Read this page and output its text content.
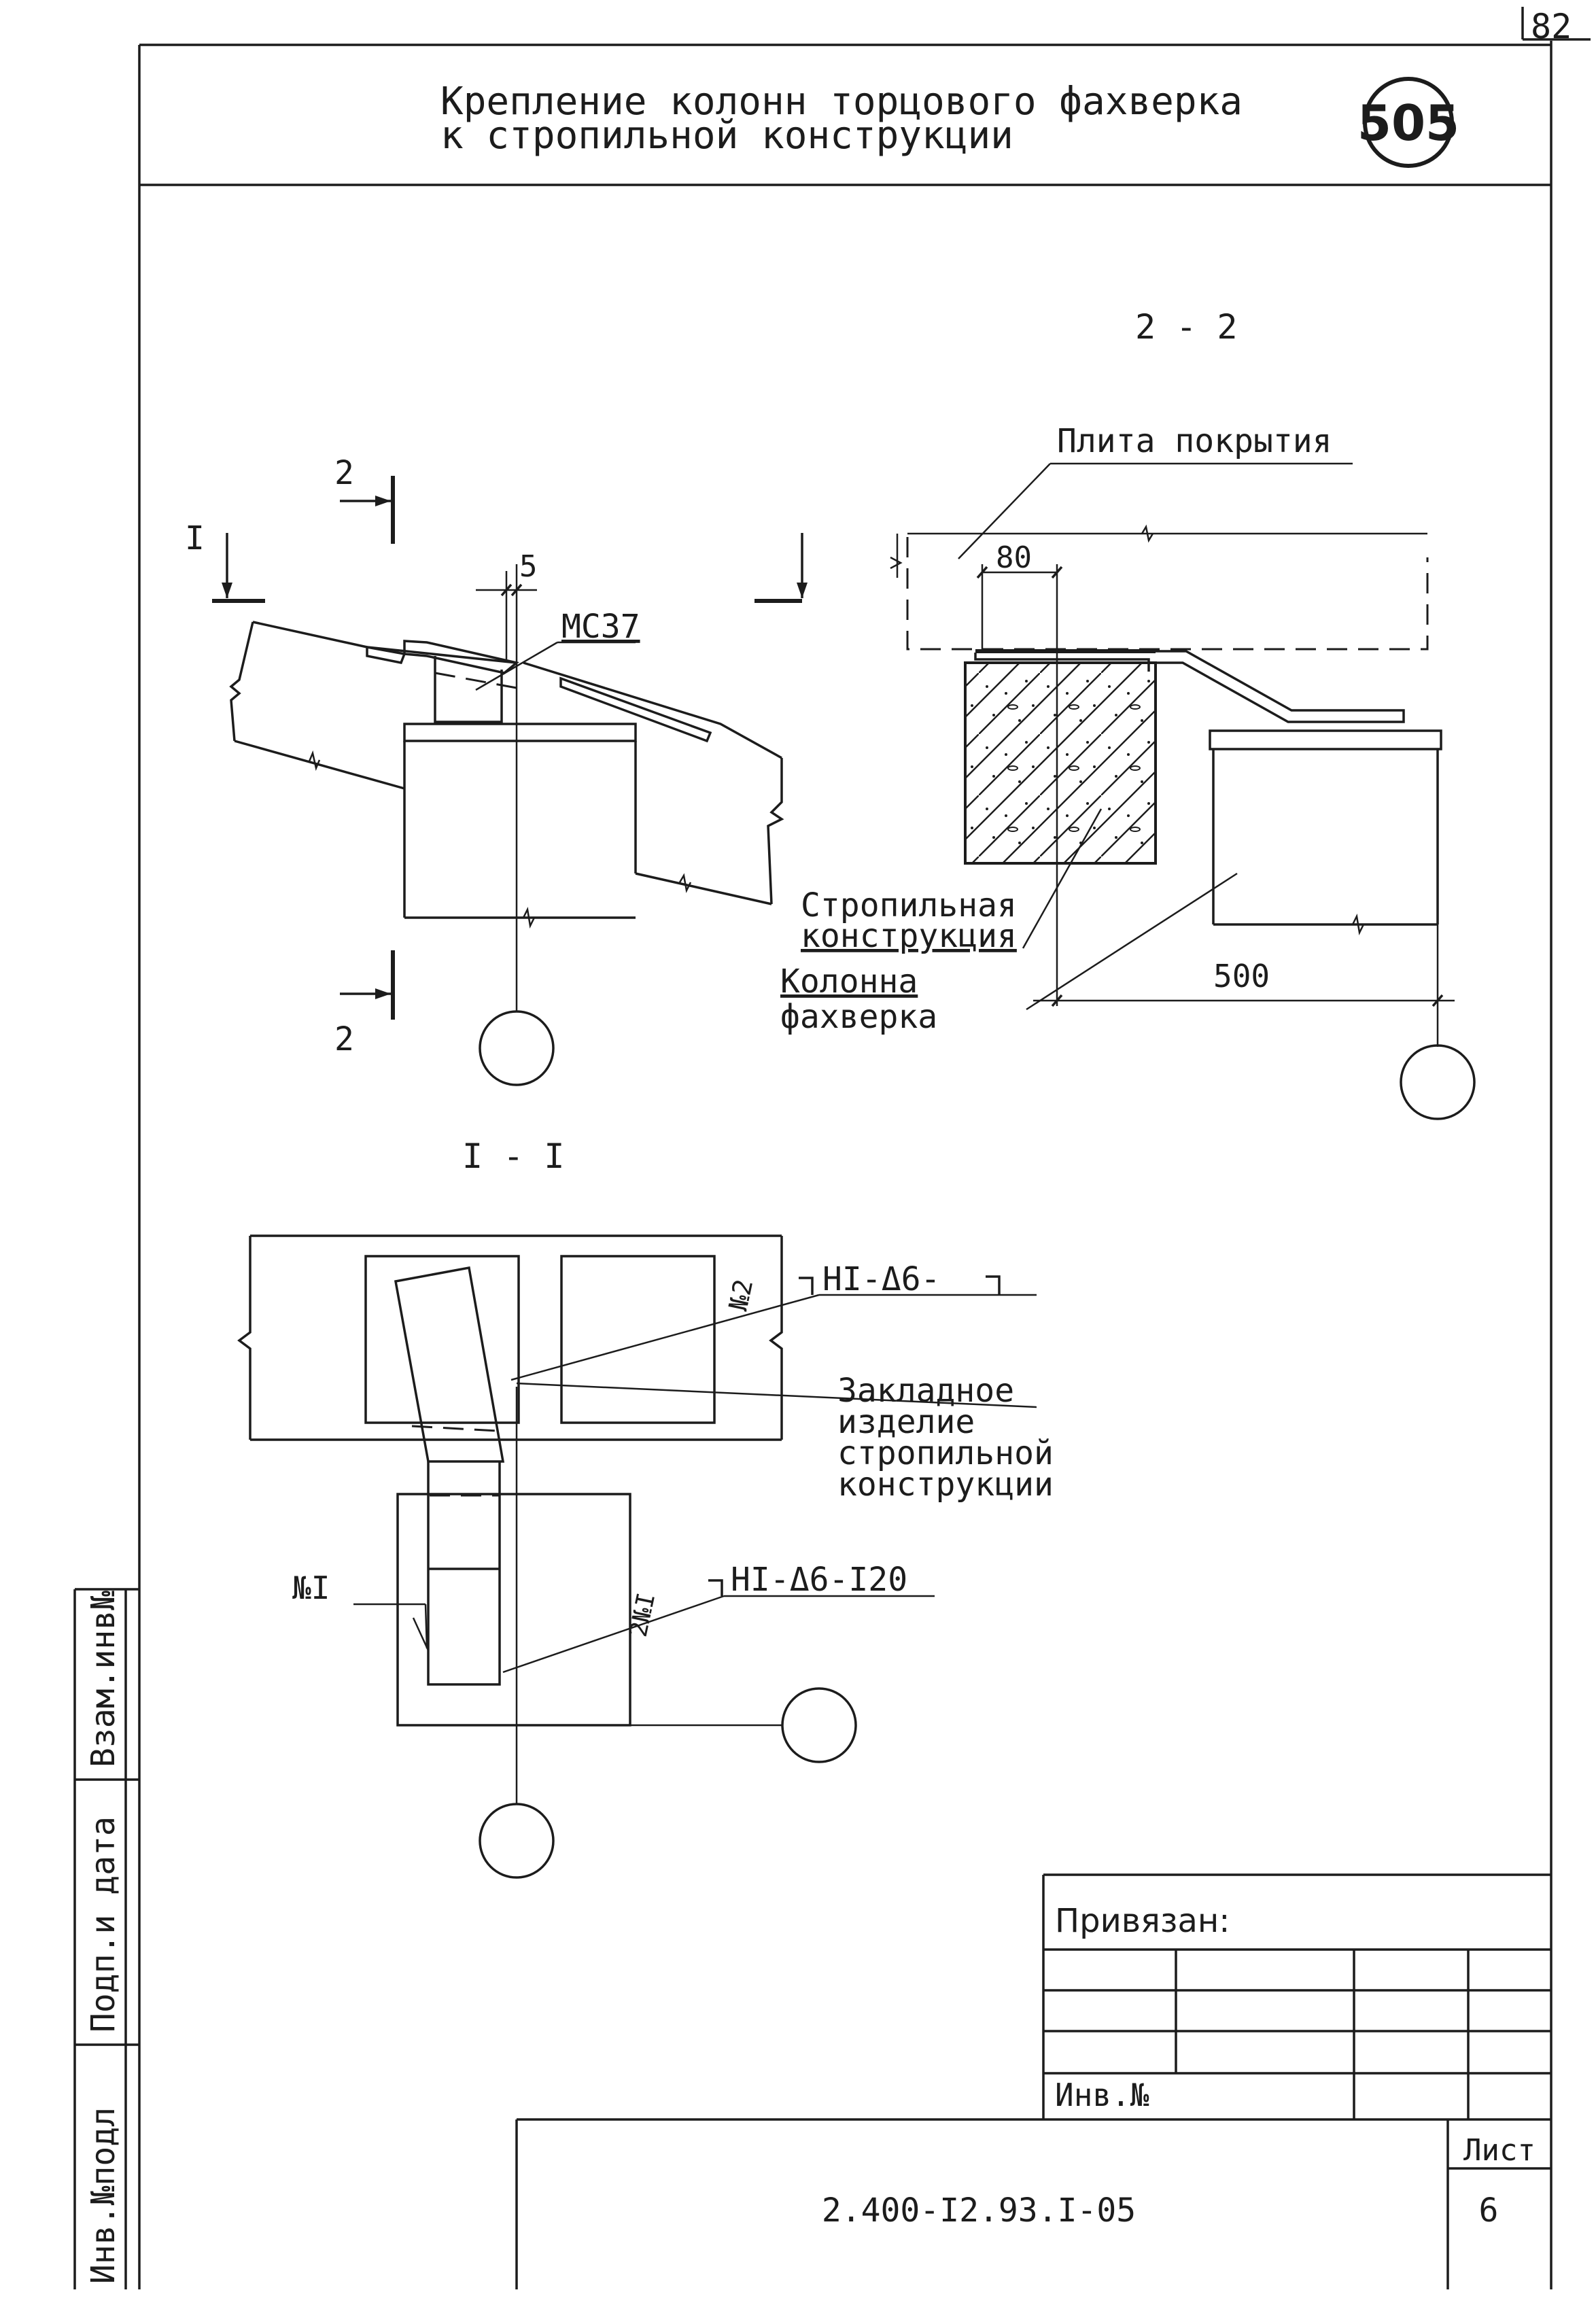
82
Крепление колонн торцового фахверка
к стропильной конструкции	505
Инв.№подл
Подп.и дата
Взам.инв№
Привязан:
Инв.№
2.400-I2.93.I-05
Лист
6
2
2
I
5
МС37
2 - 2
Плита покрытия
80
Стропильная
конструкция
Колонна
фахверка
500
I - I
HI-Δ6-
HI-Δ6-I20
№2
№I
2№I
Закладное
изделие
стропильной
конструкции
